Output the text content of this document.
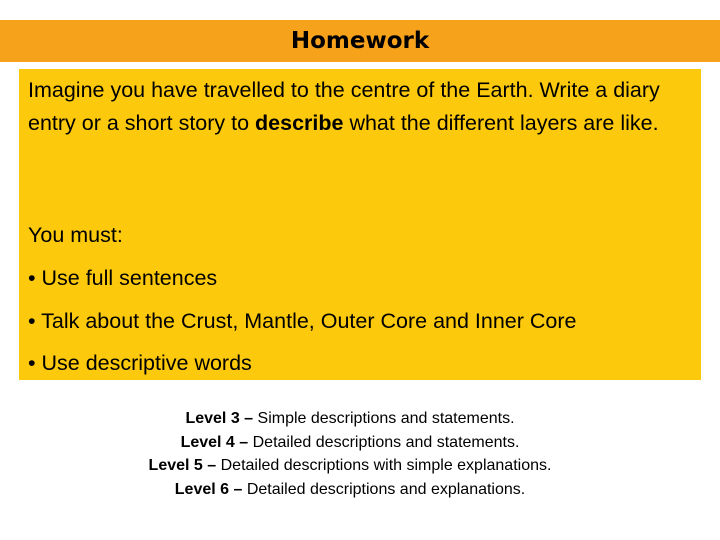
Homework
Imagine you have travelled to the centre of the Earth. Write a diary entry or a short story to describe what the different layers are like.
You must:
• Use full sentences
• Talk about the Crust, Mantle, Outer Core and Inner Core
• Use descriptive words
Level 3 – Simple descriptions and statements.
Level 4 – Detailed descriptions and statements.
Level 5 – Detailed descriptions with simple explanations.
Level 6 – Detailed descriptions and explanations.
